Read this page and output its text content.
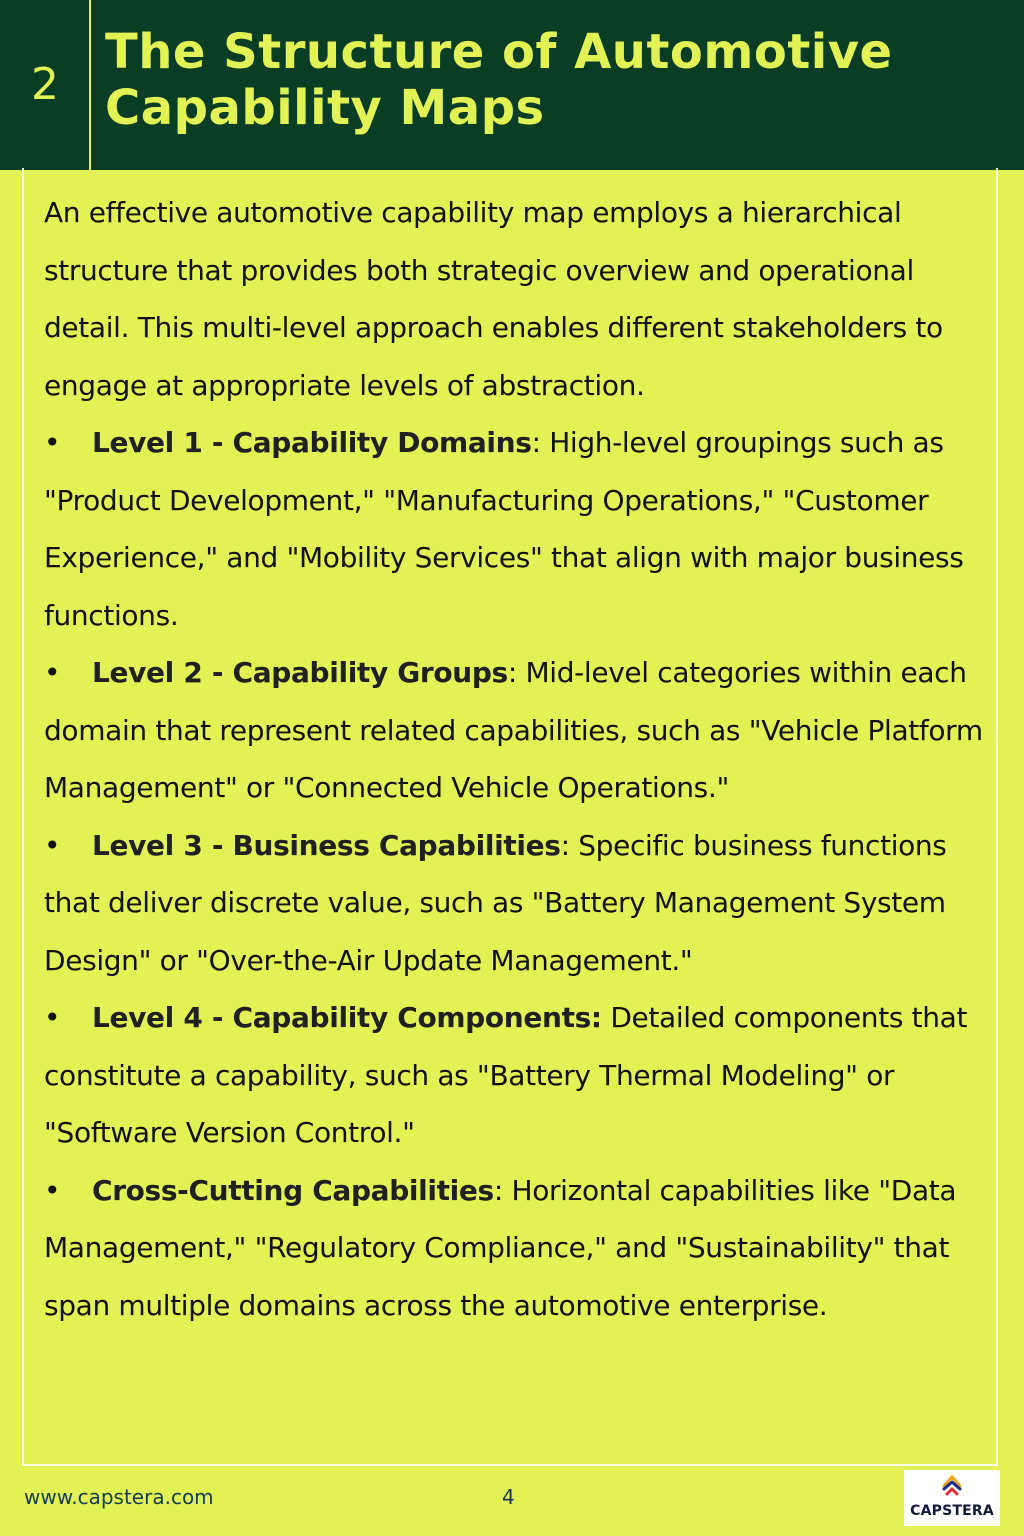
2
The Structure of Automotive Capability Maps

An effective automotive capability map employs a hierarchical structure that provides both strategic overview and operational detail. This multi-level approach enables different stakeholders to engage at appropriate levels of abstraction.

• Level 1 - Capability Domains: High-level groupings such as "Product Development," "Manufacturing Operations," "Customer Experience," and "Mobility Services" that align with major business functions.

• Level 2 - Capability Groups: Mid-level categories within each domain that represent related capabilities, such as "Vehicle Platform Management" or "Connected Vehicle Operations."

• Level 3 - Business Capabilities: Specific business functions that deliver discrete value, such as "Battery Management System Design" or "Over-the-Air Update Management."

• Level 4 - Capability Components: Detailed components that constitute a capability, such as "Battery Thermal Modeling" or "Software Version Control."

• Cross-Cutting Capabilities: Horizontal capabilities like "Data Management," "Regulatory Compliance," and "Sustainability" that span multiple domains across the automotive enterprise.

www.capstera.com	4
CAPSTERA
